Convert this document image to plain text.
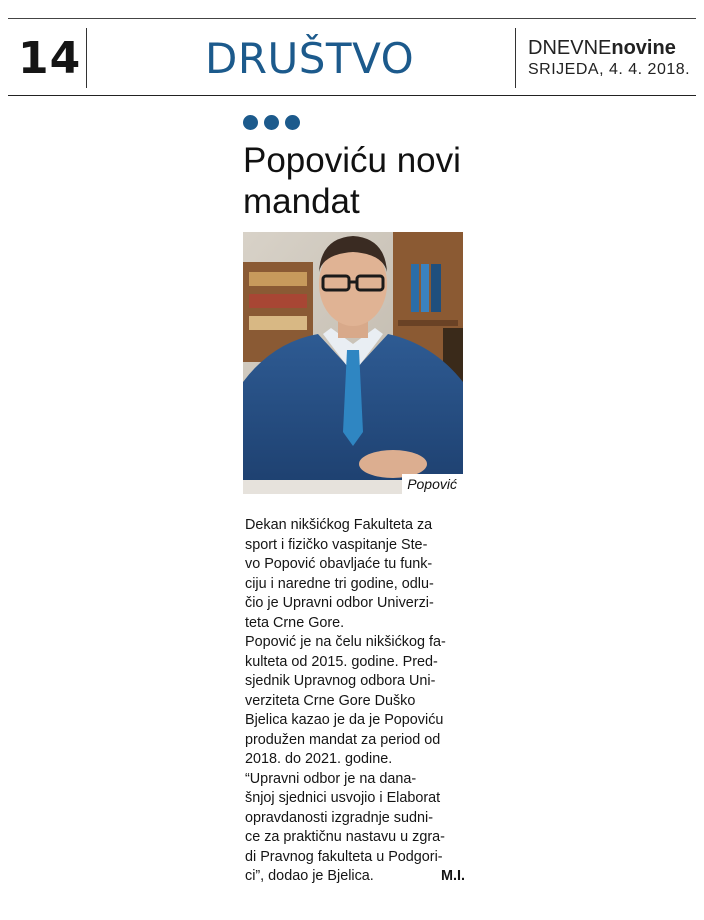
14	DRUŠTVO	DNEVNEnovine
SRIJEDA, 4. 4. 2018.
Popoviću novi
mandat
Popović
Dekan nikšićkog Fakulteta za
sport i fizičko vaspitanje Ste-
vo Popović obavljaće tu funk-
ciju i naredne tri godine, odlu-
čio je Upravni odbor Univerzi-
teta Crne Gore.
Popović je na čelu nikšićkog fa-
kulteta od 2015. godine. Pred-
sjednik Upravnog odbora Uni-
verziteta Crne Gore Duško
Bjelica kazao je da je Popoviću
produžen mandat za period od
2018. do 2021. godine.
“Upravni odbor je na dana-
šnjoj sjednici usvojio i Elaborat
opravdanosti izgradnje sudni-
ce za praktičnu nastavu u zgra-
di Pravnog fakulteta u Podgori-
ci”, dodao je Bjelica.	M.I.
